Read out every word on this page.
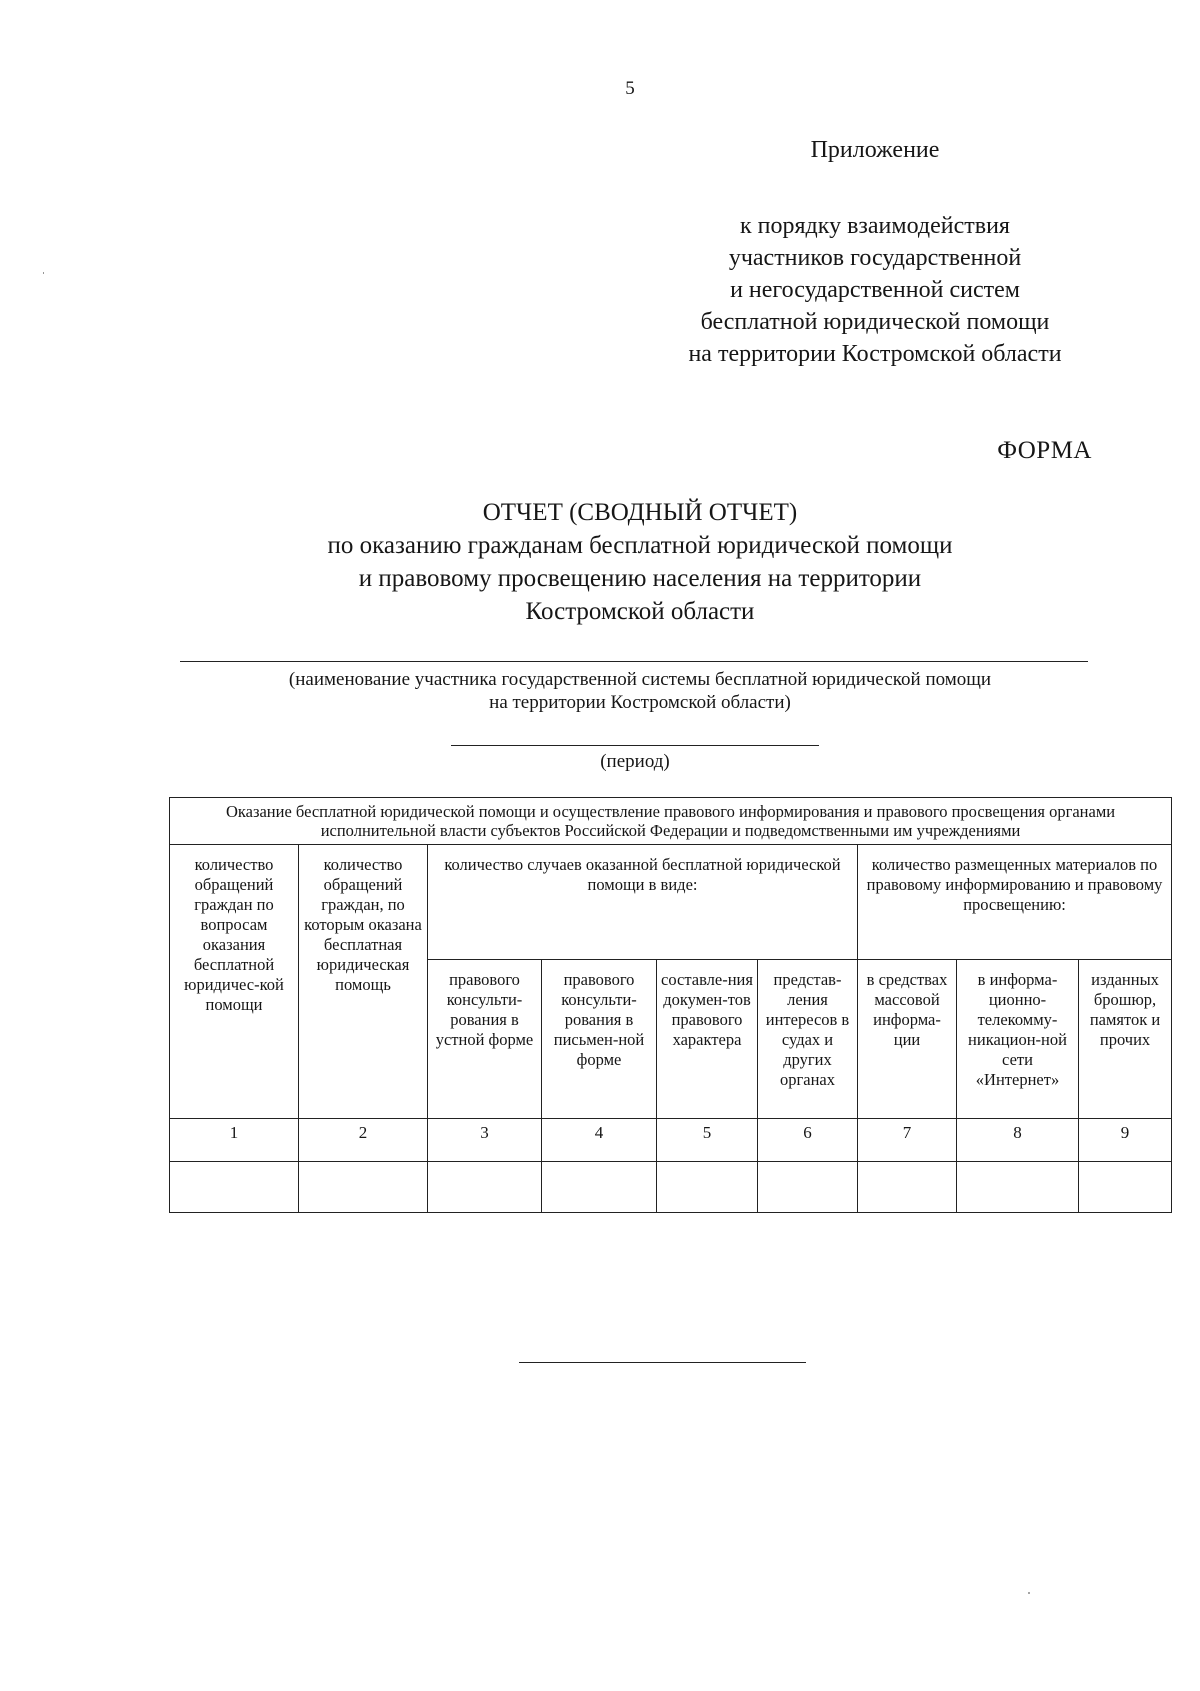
5
Приложение
к порядку взаимодействия
участников государственной
и негосударственной систем
бесплатной юридической помощи
на территории Костромской области
ФОРМА
ОТЧЕТ (СВОДНЫЙ ОТЧЕТ)
по оказанию гражданам бесплатной юридической помощи
и правовому просвещению населения на территории
Костромской области
(наименование участника государственной системы бесплатной юридической помощи
на территории Костромской области)
(период)
Оказание бесплатной юридической помощи и осуществление правового информирования и правового просвещения органами исполнительной власти субъектов Российской Федерации и подведомственными им учреждениями								
количество обращений граждан по вопросам оказания бесплатной юридичес-кой помощи	количество обращений граждан, по которым оказана бесплатная юридическая помощь	количество случаев оказанной бесплатной юридической помощи в виде:				количество размещенных материалов по правовому информированию и правовому просвещению:		
		правового консульти-рования в устной форме	правового консульти-рования в письмен-ной форме	составле-ния докумен-тов правового характера	представ-ления интересов в судах и других органах	в средствах массовой информа-ции	в информа-ционно-телекомму-никацион-ной сети «Интернет»	изданных брошюр, памяток и прочих
1	2	3	4	5	6	7	8	9
